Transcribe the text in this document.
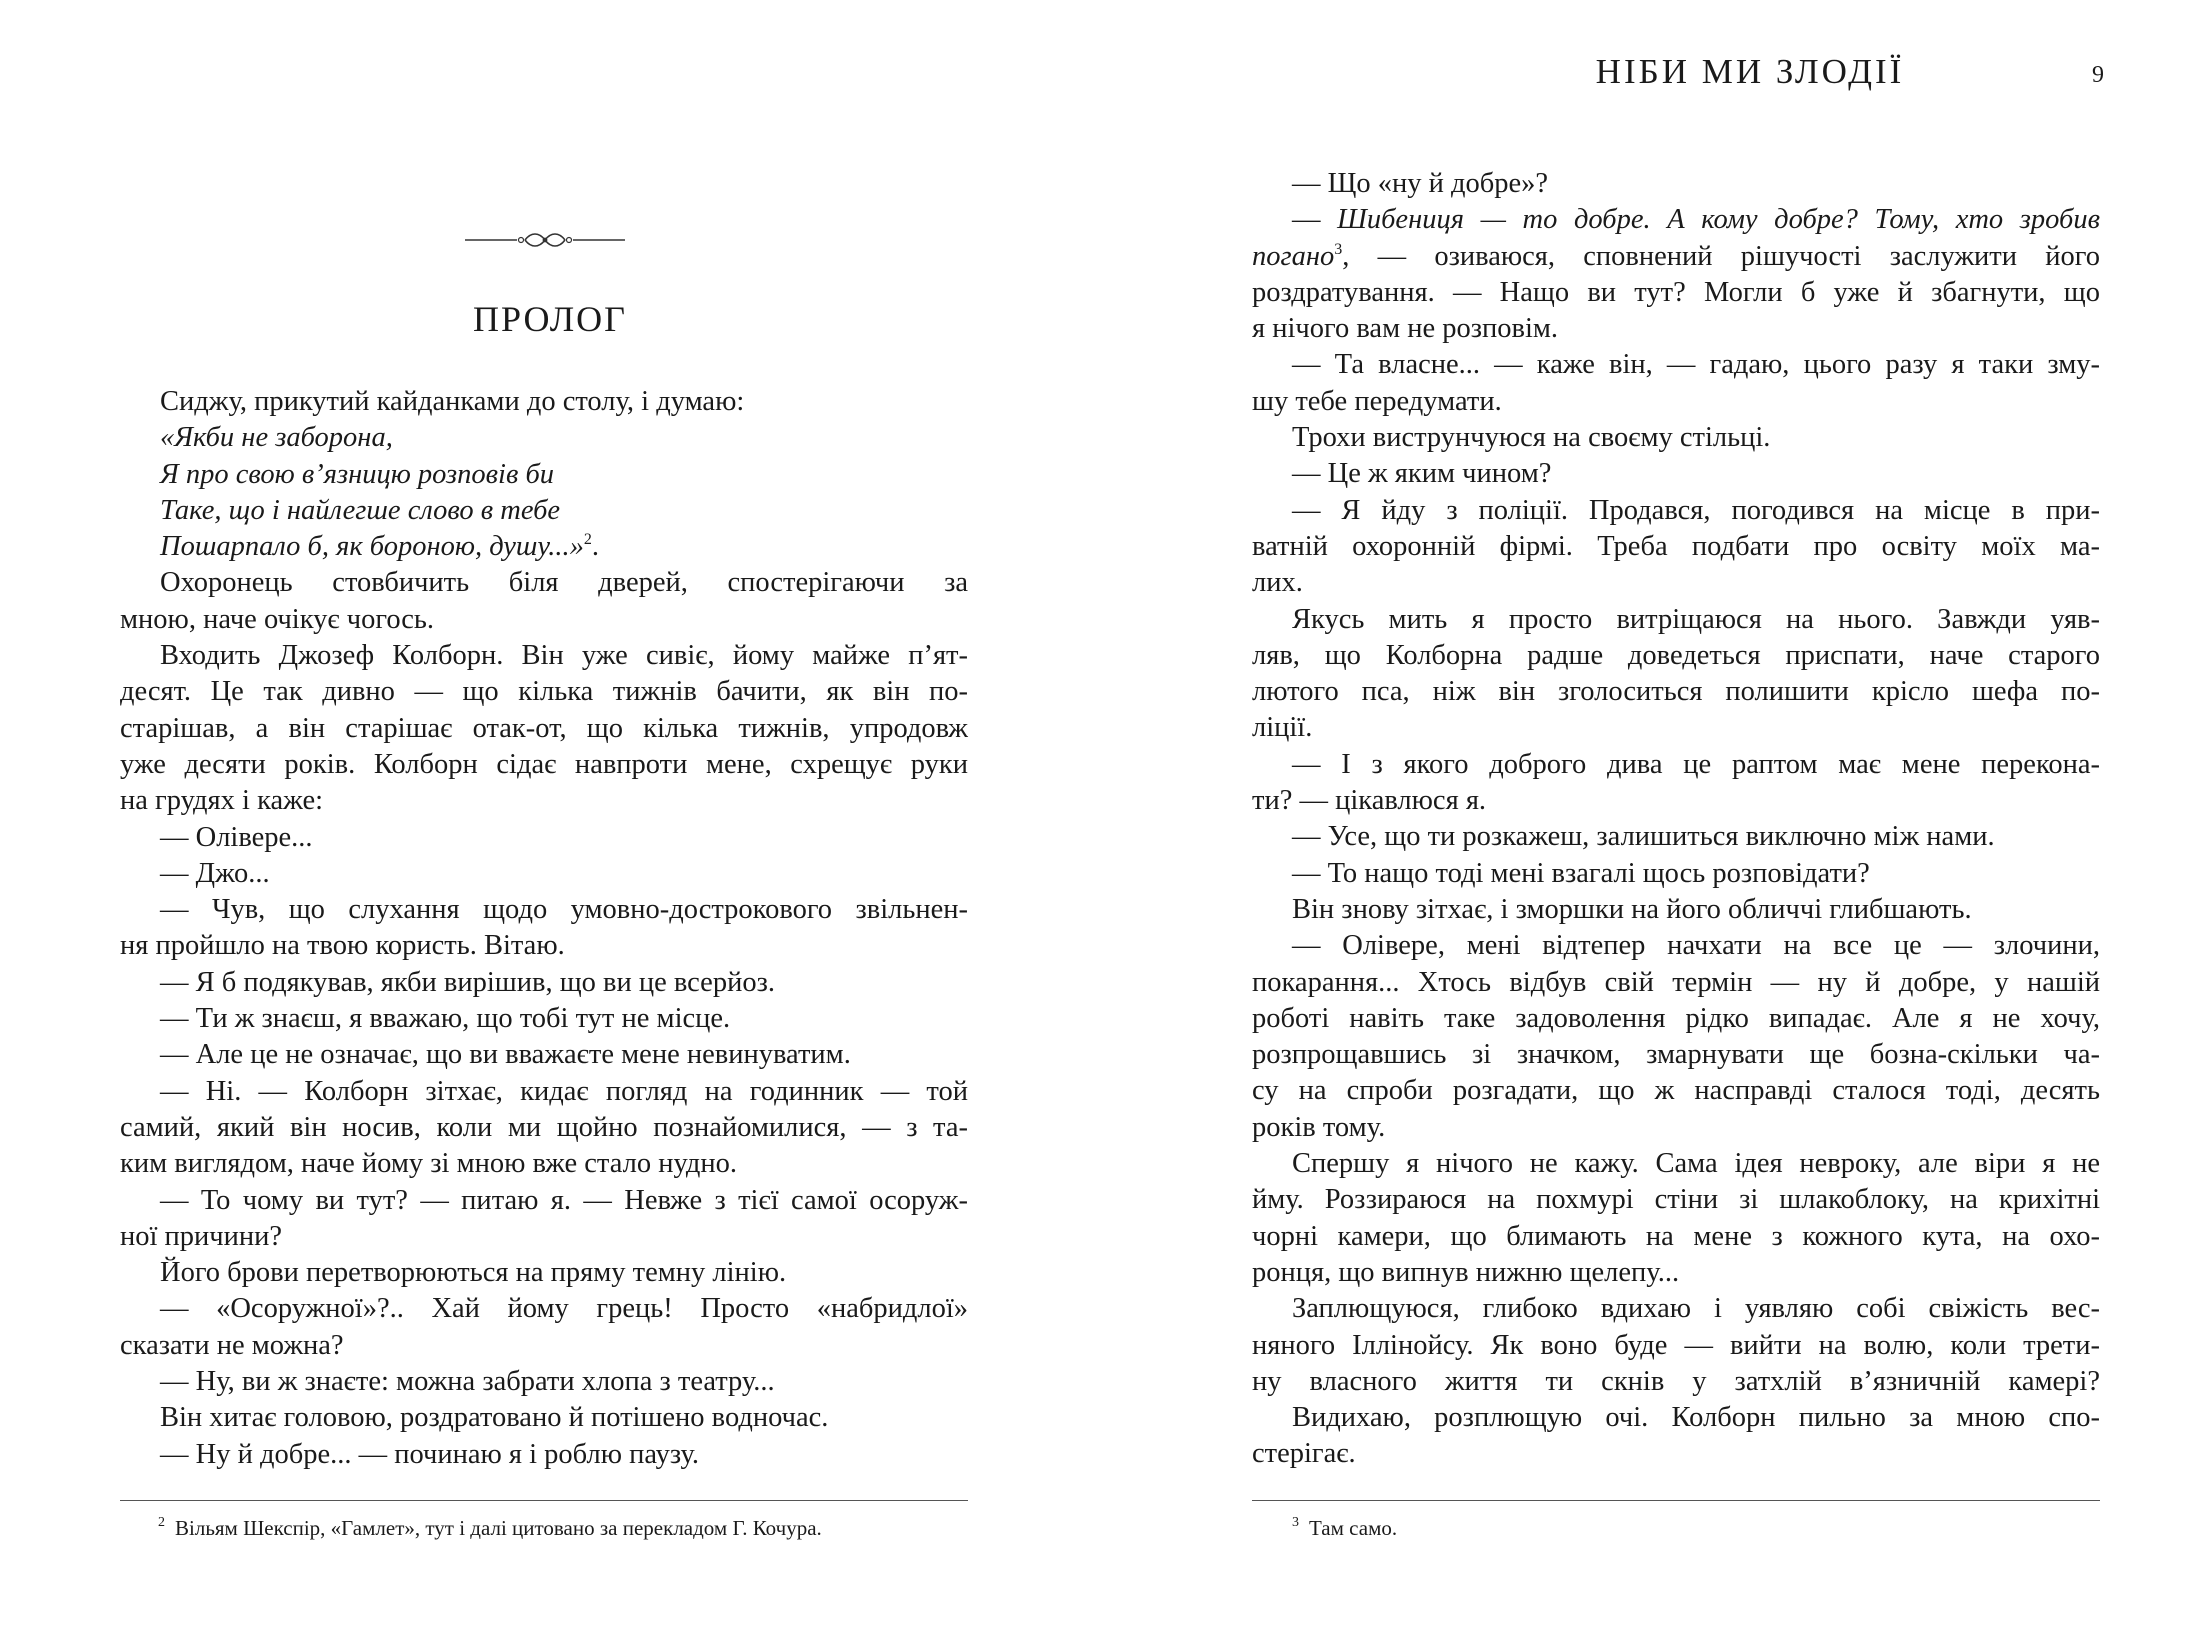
ПРОЛОГ
Сиджу, прикутий кайданками до столу, і думаю:
«Якби не заборона,
Я про свою в’язницю розповів би
Таке, що і найлегше слово в тебе
Пошарпало б, як бороною, душу...»$^2$.
Охоронець стовбичить біля дверей, спостерігаючи за
мною, наче очікує чогось.
Входить Джозеф Колборн. Він уже сивіє, йому майже п’ят-
десят. Це так дивно — що кілька тижнів бачити, як він по-
старішав, а він старішає отак-от, що кілька тижнів, упродовж
уже десяти років. Колборн сідає навпроти мене, схрещує руки
на грудях і каже:
— Олівере...
— Джо...
— Чув, що слухання щодо умовно-дострокового звільнен-
ня пройшло на твою користь. Вітаю.
— Я б подякував, якби вирішив, що ви це всерйоз.
— Ти ж знаєш, я вважаю, що тобі тут не місце.
— Але це не означає, що ви вважаєте мене невинуватим.
— Ні. — Колборн зітхає, кидає погляд на годинник — той
самий, який він носив, коли ми щойно познайомилися, — з та-
ким виглядом, наче йому зі мною вже стало нудно.
— То чому ви тут? — питаю я. — Невже з тієї самої осоруж-
ної причини?
Його брови перетворюються на пряму темну лінію.
— «Осоружної»?.. Хай йому грець! Просто «набридлої»
сказати не можна?
— Ну, ви ж знаєте: можна забрати хлопа з театру...
Він хитає головою, роздратовано й потішено водночас.
— Ну й добре... — починаю я і роблю паузу.
$^2$ Вільям Шекспір, «Гамлет», тут і далі цитовано за перекладом Г. Кочура.
НІБИ МИ ЗЛОДІЇ	9
— Що «ну й добре»?
— Шибениця — то добре. А кому добре? Тому, хто зробив
погано$^3$, — озиваюся, сповнений рішучості заслужити його
роздратування. — Нащо ви тут? Могли б уже й збагнути, що
я нічого вам не розповім.
— Та власне... — каже він, — гадаю, цього разу я таки зму-
шу тебе передумати.
Трохи виструнчуюся на своєму стільці.
— Це ж яким чином?
— Я йду з поліції. Продався, погодився на місце в при-
ватній охоронній фірмі. Треба подбати про освіту моїх ма-
лих.
Якусь мить я просто витріщаюся на нього. Завжди уяв-
ляв, що Колборна радше доведеться приспати, наче старого
лютого пса, ніж він зголоситься полишити крісло шефа по-
ліції.
— І з якого доброго дива це раптом має мене переконa-
ти? — цікавлюся я.
— Усе, що ти розкажеш, залишиться виключно між нами.
— То нащо тоді мені взагалі щось розповідати?
Він знову зітхає, і зморшки на його обличчі глибшають.
— Олівере, мені відтепер начхати на все це — злочини,
покарання... Хтось відбув свій термін — ну й добре, у нашій
роботі навіть таке задоволення рідко випадає. Але я не хочу,
розпрощавшись зі значком, змарнувати ще бозна-скільки ча-
су на спроби розгадати, що ж насправді сталося тоді, десять
років тому.
Спершу я нічого не кажу. Сама ідея невроку, але віри я не
йму. Роззираюся на похмурі стіни зі шлакоблоку, на крихітні
чорні камери, що блимають на мене з кожного кута, на охо-
ронця, що випнув нижню щелепу...
Заплющуюся, глибоко вдихаю і уявляю собі свіжість вес-
няного Іллінойсу. Як воно буде — вийти на волю, коли трети-
ну власного життя ти скнів у затхлій в’язничній камері?
Видихаю, розплющую очі. Колборн пильно за мною спо-
стерігає.
$^3$ Там само.
